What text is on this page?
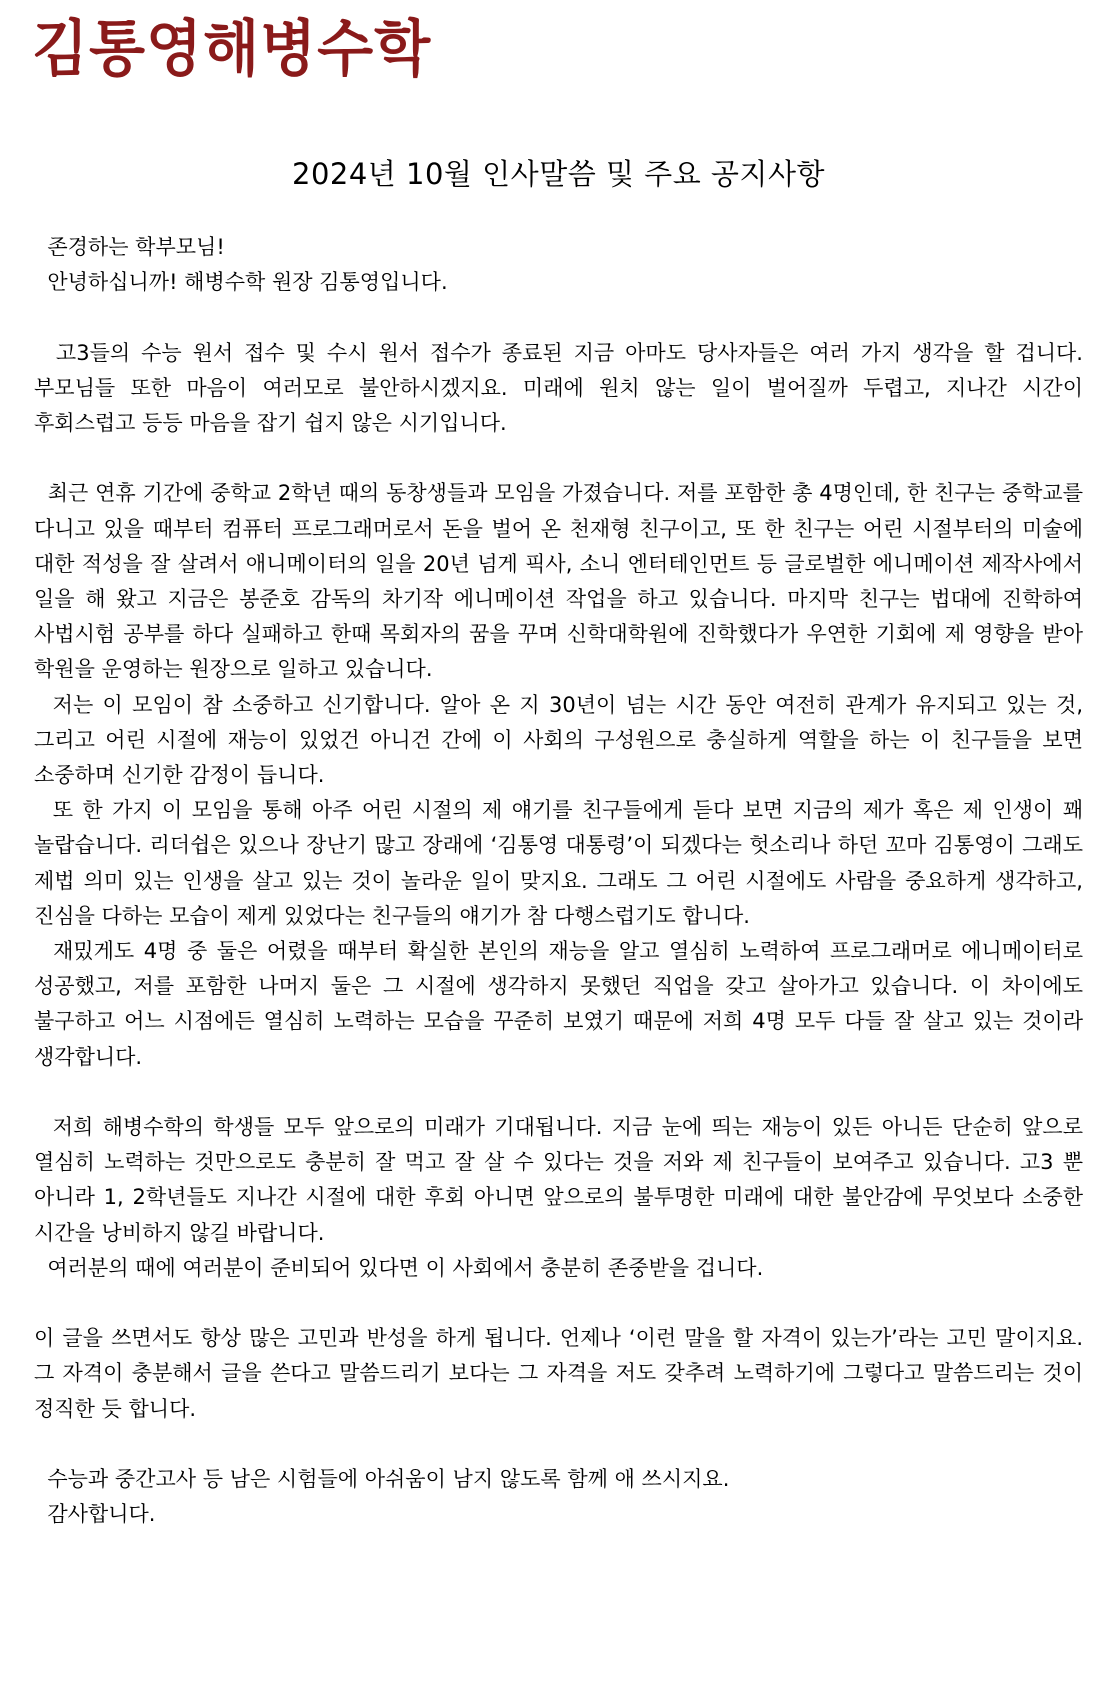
김통영해병수학
2024년 10월 인사말씀 및 주요 공지사항

존경하는 학부모님!

안녕하십니까! 해병수학 원장 김통영입니다.

고3들의 수능 원서 접수 및 수시 원서 접수가 종료된 지금 아마도 당사자들은 여러 가지 생각을 할 겁니다. 부모님들 또한 마음이 여러모로 불안하시겠지요. 미래에 원치 않는 일이 벌어질까 두렵고, 지나간 시간이 후회스럽고 등등 마음을 잡기 쉽지 않은 시기입니다.

최근 연휴 기간에 중학교 2학년 때의 동창생들과 모임을 가졌습니다. 저를 포함한 총 4명인데, 한 친구는 중학교를 다니고 있을 때부터 컴퓨터 프로그래머로서 돈을 벌어 온 천재형 친구이고, 또 한 친구는 어린 시절부터의 미술에 대한 적성을 잘 살려서 애니메이터의 일을 20년 넘게 픽사, 소니 엔터테인먼트 등 글로벌한 에니메이션 제작사에서 일을 해 왔고 지금은 봉준호 감독의 차기작 에니메이션 작업을 하고 있습니다. 마지막 친구는 법대에 진학하여 사법시험 공부를 하다 실패하고 한때 목회자의 꿈을 꾸며 신학대학원에 진학했다가 우연한 기회에 제 영향을 받아 학원을 운영하는 원장으로 일하고 있습니다.

저는 이 모임이 참 소중하고 신기합니다. 알아 온 지 30년이 넘는 시간 동안 여전히 관계가 유지되고 있는 것, 그리고 어린 시절에 재능이 있었건 아니건 간에 이 사회의 구성원으로 충실하게 역할을 하는 이 친구들을 보면 소중하며 신기한 감정이 듭니다.

또 한 가지 이 모임을 통해 아주 어린 시절의 제 얘기를 친구들에게 듣다 보면 지금의 제가 혹은 제 인생이 꽤 놀랍습니다. 리더쉽은 있으나 장난기 많고 장래에 ‘김통영 대통령’이 되겠다는 헛소리나 하던 꼬마 김통영이 그래도 제법 의미 있는 인생을 살고 있는 것이 놀라운 일이 맞지요. 그래도 그 어린 시절에도 사람을 중요하게 생각하고, 진심을 다하는 모습이 제게 있었다는 친구들의 얘기가 참 다행스럽기도 합니다.

재밌게도 4명 중 둘은 어렸을 때부터 확실한 본인의 재능을 알고 열심히 노력하여 프로그래머로 에니메이터로 성공했고, 저를 포함한 나머지 둘은 그 시절에 생각하지 못했던 직업을 갖고 살아가고 있습니다. 이 차이에도 불구하고 어느 시점에든 열심히 노력하는 모습을 꾸준히 보였기 때문에 저희 4명 모두 다들 잘 살고 있는 것이라 생각합니다.

저희 해병수학의 학생들 모두 앞으로의 미래가 기대됩니다. 지금 눈에 띄는 재능이 있든 아니든 단순히 앞으로 열심히 노력하는 것만으로도 충분히 잘 먹고 잘 살 수 있다는 것을 저와 제 친구들이 보여주고 있습니다. 고3 뿐 아니라 1, 2학년들도 지나간 시절에 대한 후회 아니면 앞으로의 불투명한 미래에 대한 불안감에 무엇보다 소중한 시간을 낭비하지 않길 바랍니다.

여러분의 때에 여러분이 준비되어 있다면 이 사회에서 충분히 존중받을 겁니다.

이 글을 쓰면서도 항상 많은 고민과 반성을 하게 됩니다. 언제나 ‘이런 말을 할 자격이 있는가’라는 고민 말이지요. 그 자격이 충분해서 글을 쓴다고 말씀드리기 보다는 그 자격을 저도 갖추려 노력하기에 그렇다고 말씀드리는 것이 정직한 듯 합니다.

수능과 중간고사 등 남은 시험들에 아쉬움이 남지 않도록 함께 애 쓰시지요.

감사합니다.
